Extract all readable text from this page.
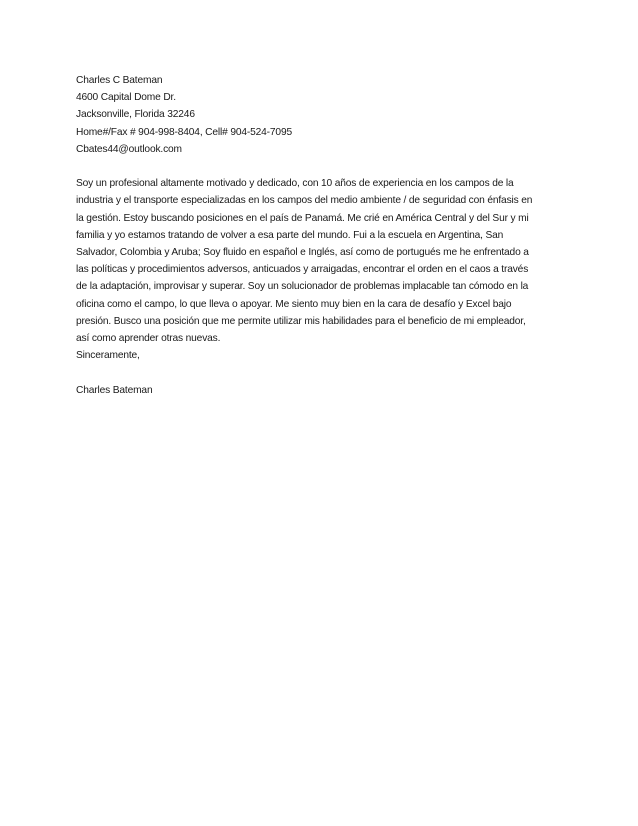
Charles C Bateman
4600 Capital Dome Dr.
Jacksonville, Florida 32246
Home#/Fax # 904-998-8404, Cell# 904-524-7095
Cbates44@outlook.com
Soy un profesional altamente motivado y dedicado, con 10 años de experiencia en los campos de la
industria y el transporte especializadas en los campos del medio ambiente / de seguridad con énfasis en
la gestión. Estoy buscando posiciones en el país de Panamá. Me crié en América Central y del Sur y mi
familia y yo estamos tratando de volver a esa parte del mundo. Fui a la escuela en Argentina, San
Salvador, Colombia y Aruba; Soy fluido en español e Inglés, así como de portugués me he enfrentado a
las políticas y procedimientos adversos, anticuados y arraigadas, encontrar el orden en el caos a través
de la adaptación, improvisar y superar. Soy un solucionador de problemas implacable tan cómodo en la
oficina como el campo, lo que lleva o apoyar. Me siento muy bien en la cara de desafío y Excel bajo
presión. Busco una posición que me permite utilizar mis habilidades para el beneficio de mi empleador,
así como aprender otras nuevas.
Sinceramente,
Charles Bateman
